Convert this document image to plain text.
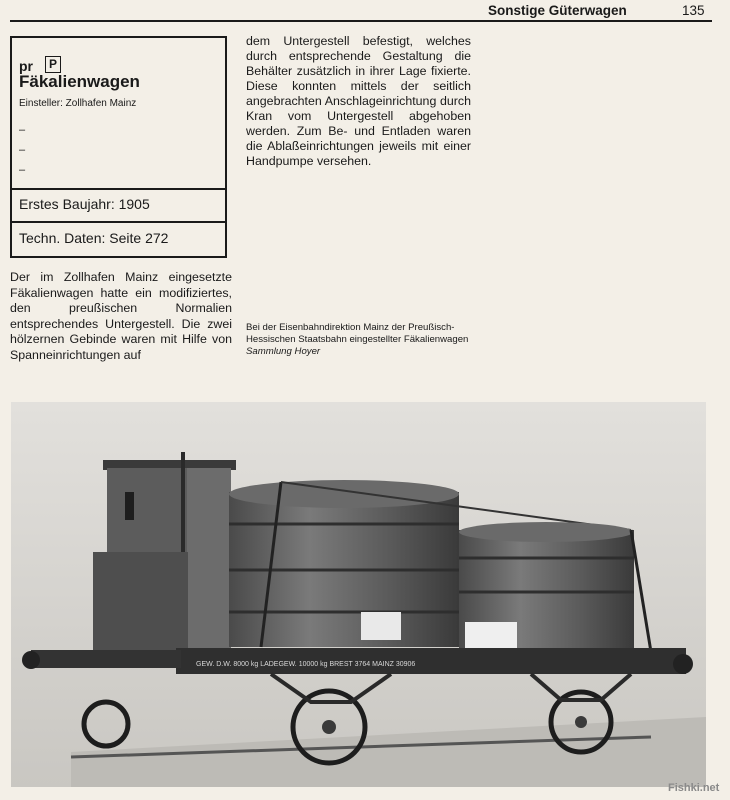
Sonstige Güterwagen	135
pr	P
Fäkalienwagen
Einsteller: Zollhafen Mainz
–
–
–
Erstes Baujahr: 1905
Techn. Daten: Seite 272

dem Untergestell befestigt, welches durch entsprechende Gestaltung die Behälter zusätzlich in ihrer Lage fixierte. Diese konnten mittels der seitlich angebrachten Anschlageinrichtung durch Kran vom Untergestell abgehoben werden. Zum Be- und Entladen waren die Ablaßeinrichtungen jeweils mit einer Handpumpe versehen.

Der im Zollhafen Mainz eingesetzte Fäkalienwagen hatte ein modifiziertes, den preußischen Normalien entsprechendes Untergestell. Die zwei hölzernen Gebinde waren mit Hilfe von Spanneinrichtungen auf

Bei der Eisenbahndirektion Mainz der Preußisch-Hessischen Staatsbahn eingestellter Fäkalienwagen
Sammlung Hoyer
GEW. D.W. 8000 kg LADEGEW. 10000 kg BREST 3764 MAINZ 30906
Fishki.net
